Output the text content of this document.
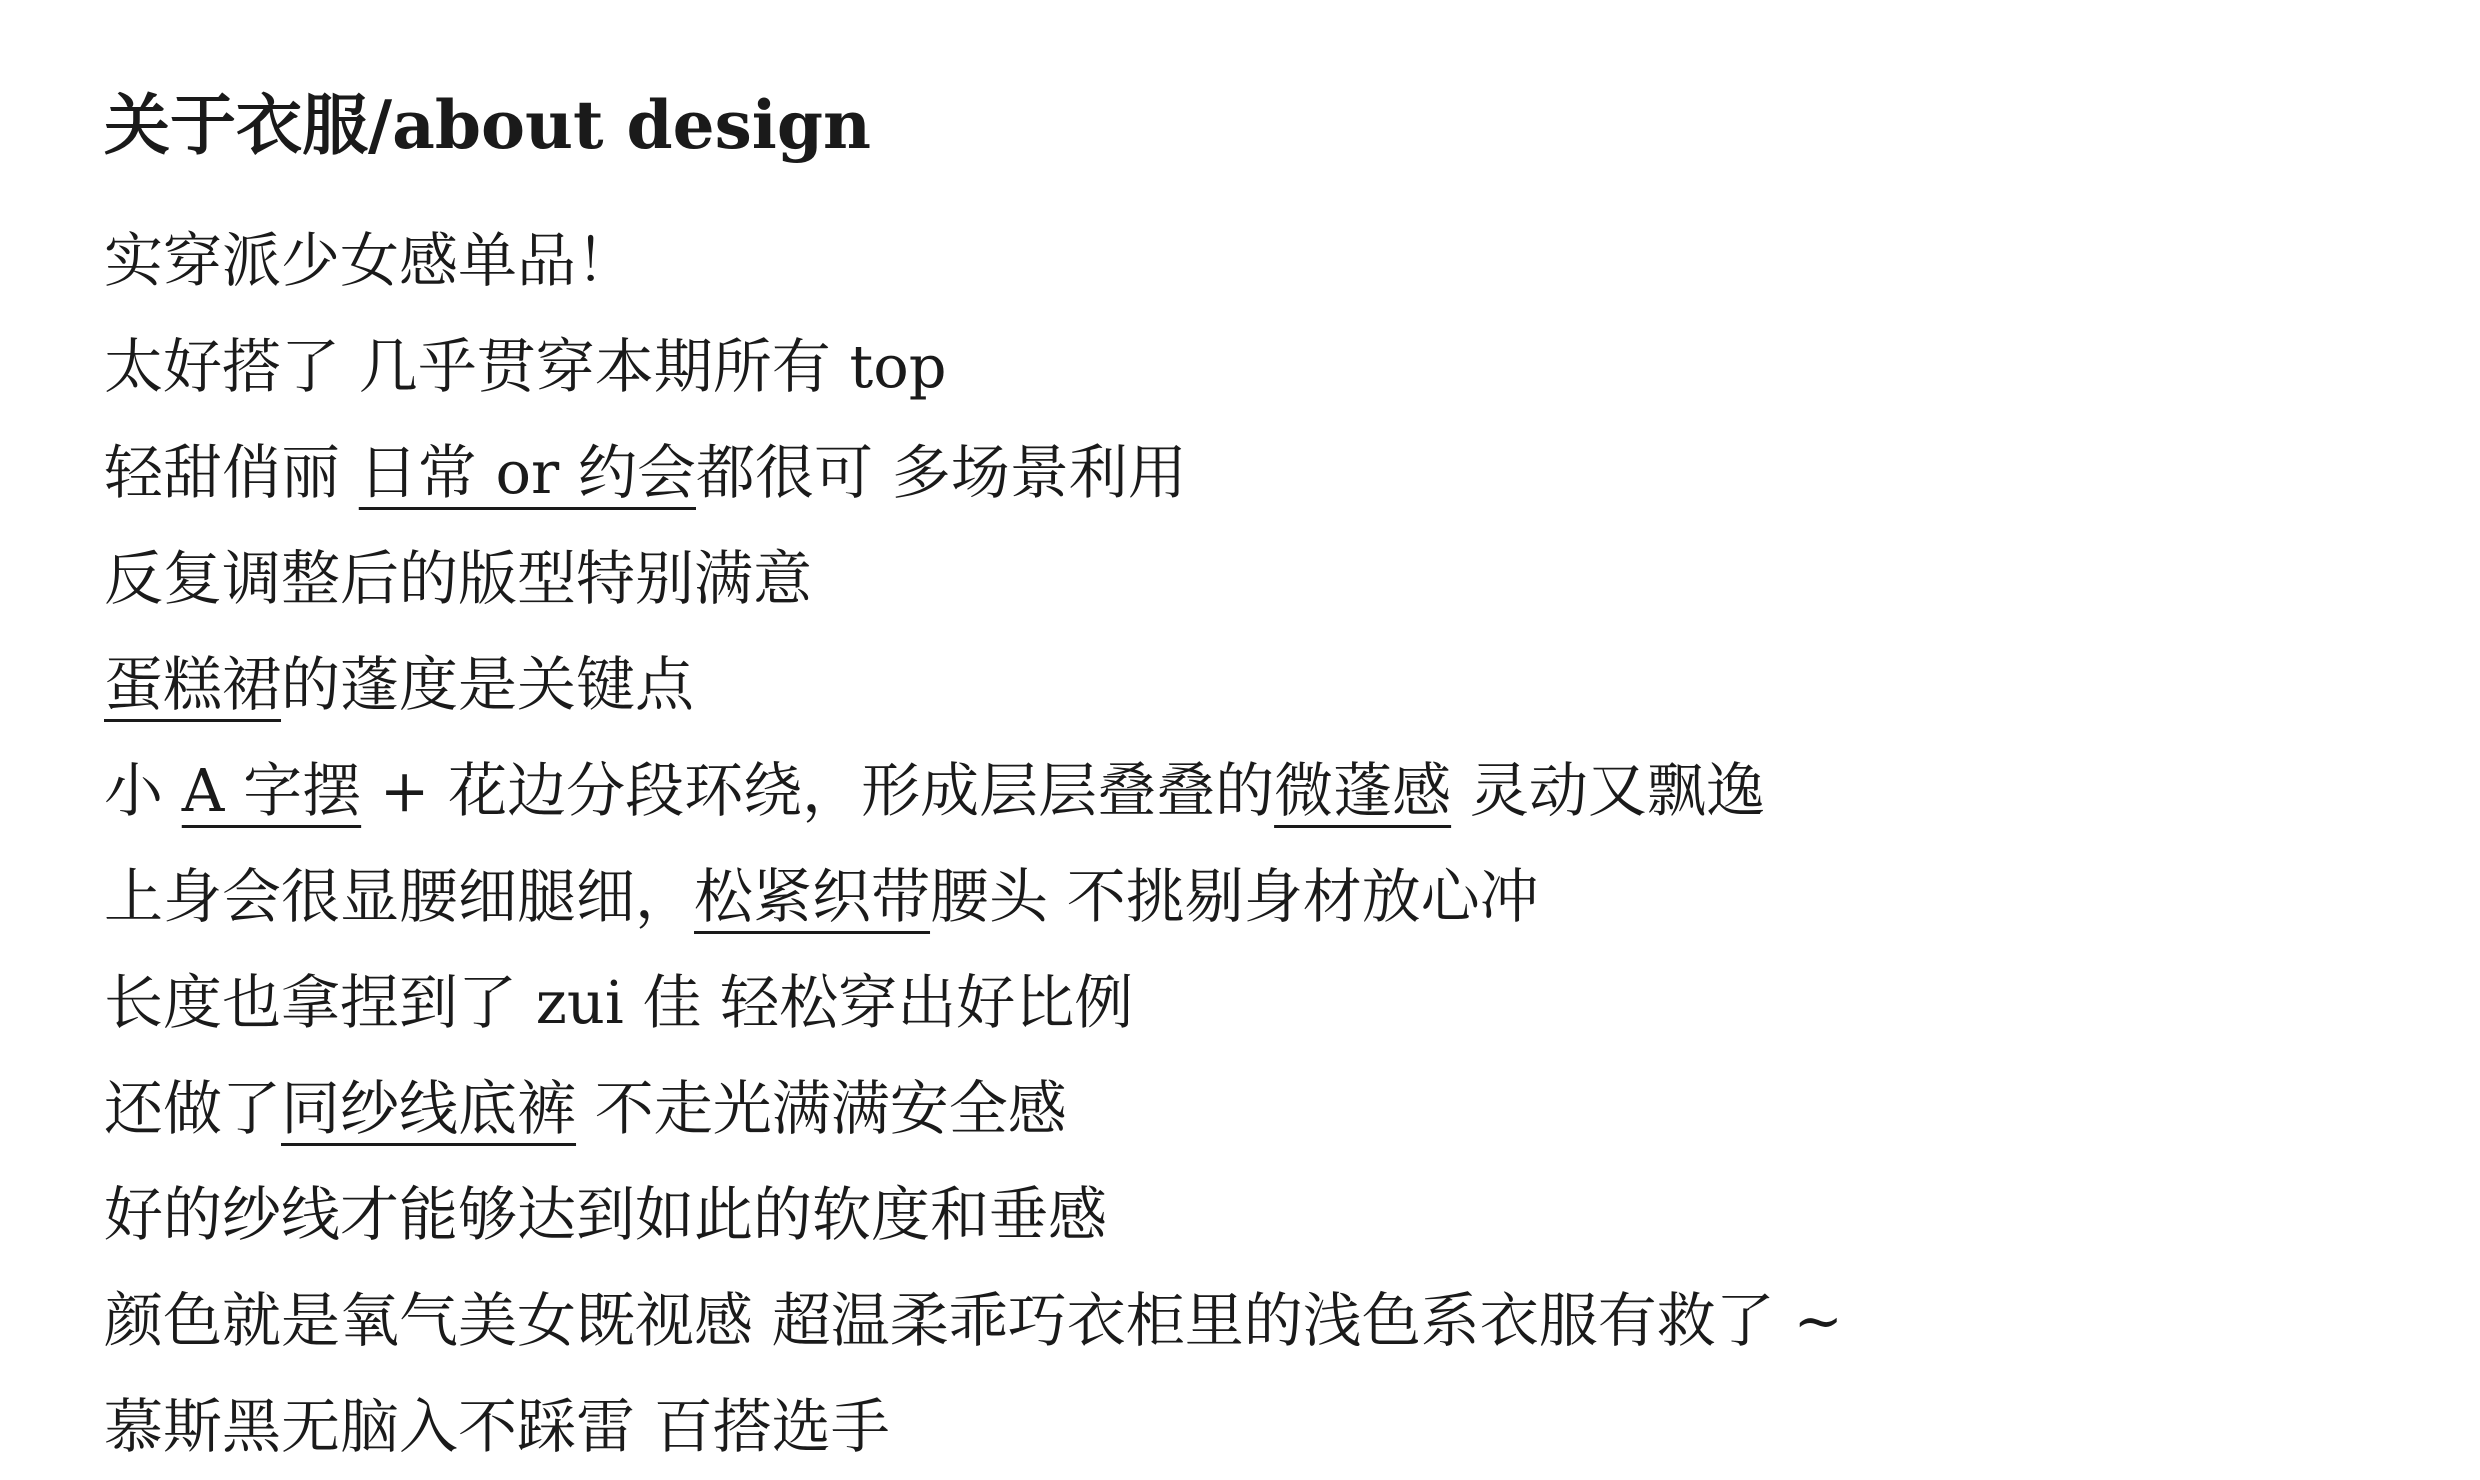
关于衣服/about design
实穿派少女感单品！
太好搭了 几乎贯穿本期所有 top
轻甜俏丽 日常 or 约会都很可 多场景利用
反复调整后的版型特别满意
蛋糕裙的蓬度是关键点
小 A 字摆 + 花边分段环绕，形成层层叠叠的微蓬感 灵动又飘逸
上身会很显腰细腿细，松紧织带腰头 不挑剔身材放心冲
长度也拿捏到了 zui 佳 轻松穿出好比例
还做了同纱线底裤 不走光满满安全感
好的纱线才能够达到如此的软度和垂感
颜色就是氧气美女既视感 超温柔乖巧衣柜里的浅色系衣服有救了 ~
慕斯黑无脑入不踩雷 百搭选手
